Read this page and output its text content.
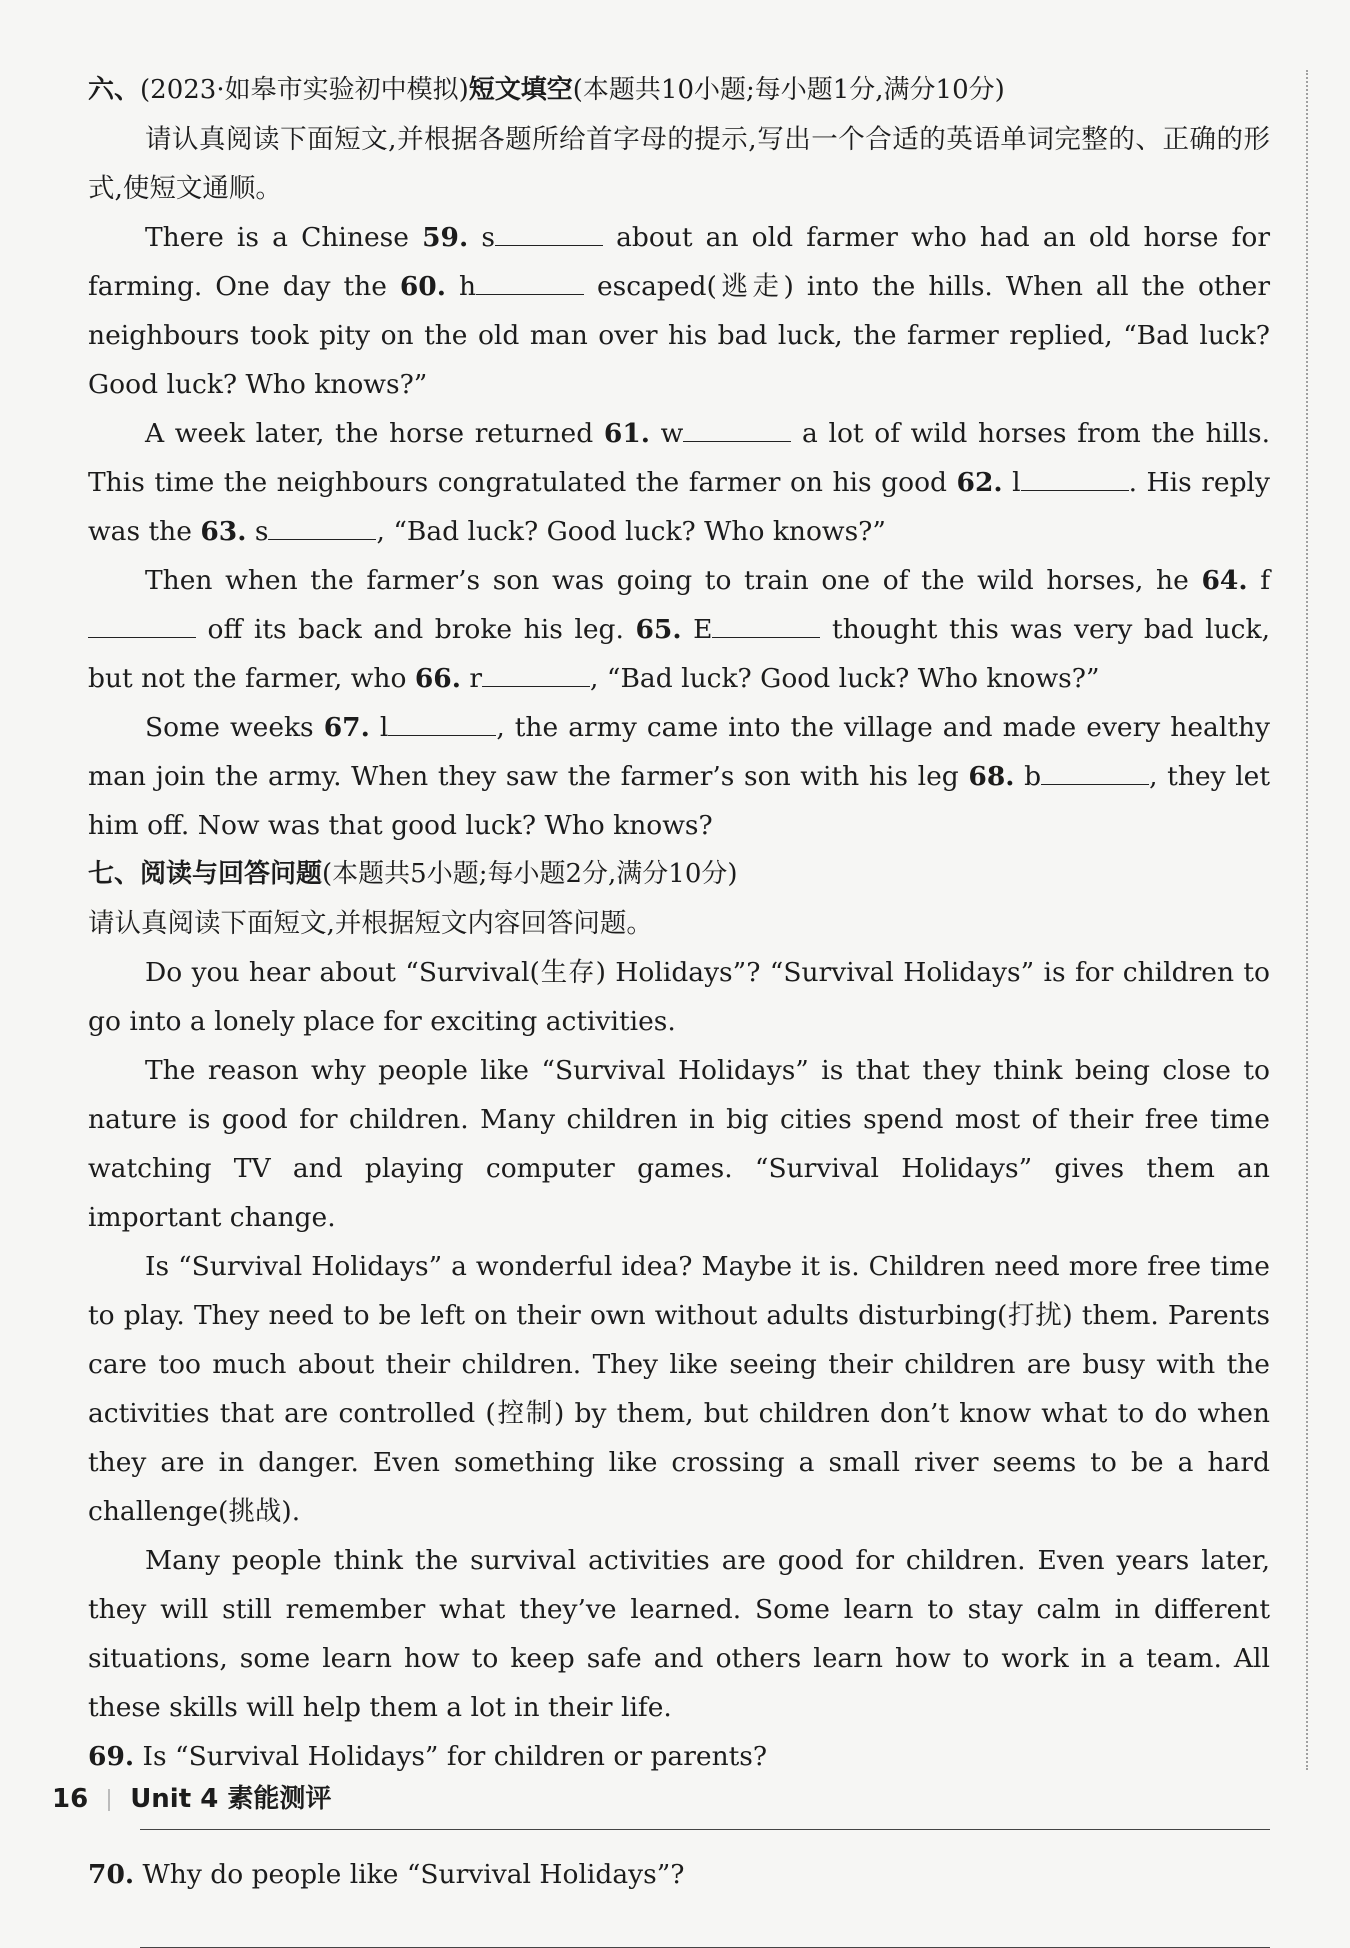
六、(2023·如皋市实验初中模拟)短文填空(本题共10小题;每小题1分,满分10分)

请认真阅读下面短文,并根据各题所给首字母的提示,写出一个合适的英语单词完整的、正确的形式,使短文通顺。

There is a Chinese 59. s	about an old farmer who had an old horse for farming. One day the 60. h	escaped(逃走) into the hills. When all the other neighbours took pity on the old man over his bad luck, the farmer replied, “Bad luck? Good luck? Who knows?”

A week later, the horse returned 61. w	a lot of wild horses from the hills. This time the neighbours congratulated the farmer on his good 62. l	. His reply was the 63. s	, “Bad luck? Good luck? Who knows?”

Then when the farmer’s son was going to train one of the wild horses, he 64. f off its back and broke his leg. 65. E	thought this was very bad luck, but not the farmer, who 66. r	, “Bad luck? Good luck? Who knows?”

Some weeks 67. l	, the army came into the village and made every healthy man join the army. When they saw the farmer’s son with his leg 68. b	, they let him off. Now was that good luck? Who knows?

七、阅读与回答问题(本题共5小题;每小题2分,满分10分)

请认真阅读下面短文,并根据短文内容回答问题。

Do you hear about “Survival(生存) Holidays”? “Survival Holidays” is for children to go into a lonely place for exciting activities.

The reason why people like “Survival Holidays” is that they think being close to nature is good for children. Many children in big cities spend most of their free time watching TV and playing computer games. “Survival Holidays” gives them an important change.

Is “Survival Holidays” a wonderful idea? Maybe it is. Children need more free time to play. They need to be left on their own without adults disturbing(打扰) them. Parents care too much about their children. They like seeing their children are busy with the activities that are controlled (控制) by them, but children don’t know what to do when they are in danger. Even something like crossing a small river seems to be a hard challenge(挑战).

Many people think the survival activities are good for children. Even years later, they will still remember what they’ve learned. Some learn to stay calm in different situations, some learn how to keep safe and others learn how to work in a team. All these skills will help them a lot in their life.

69. Is “Survival Holidays” for children or parents?

70. Why do people like “Survival Holidays”?

16 Unit 4 素能测评
